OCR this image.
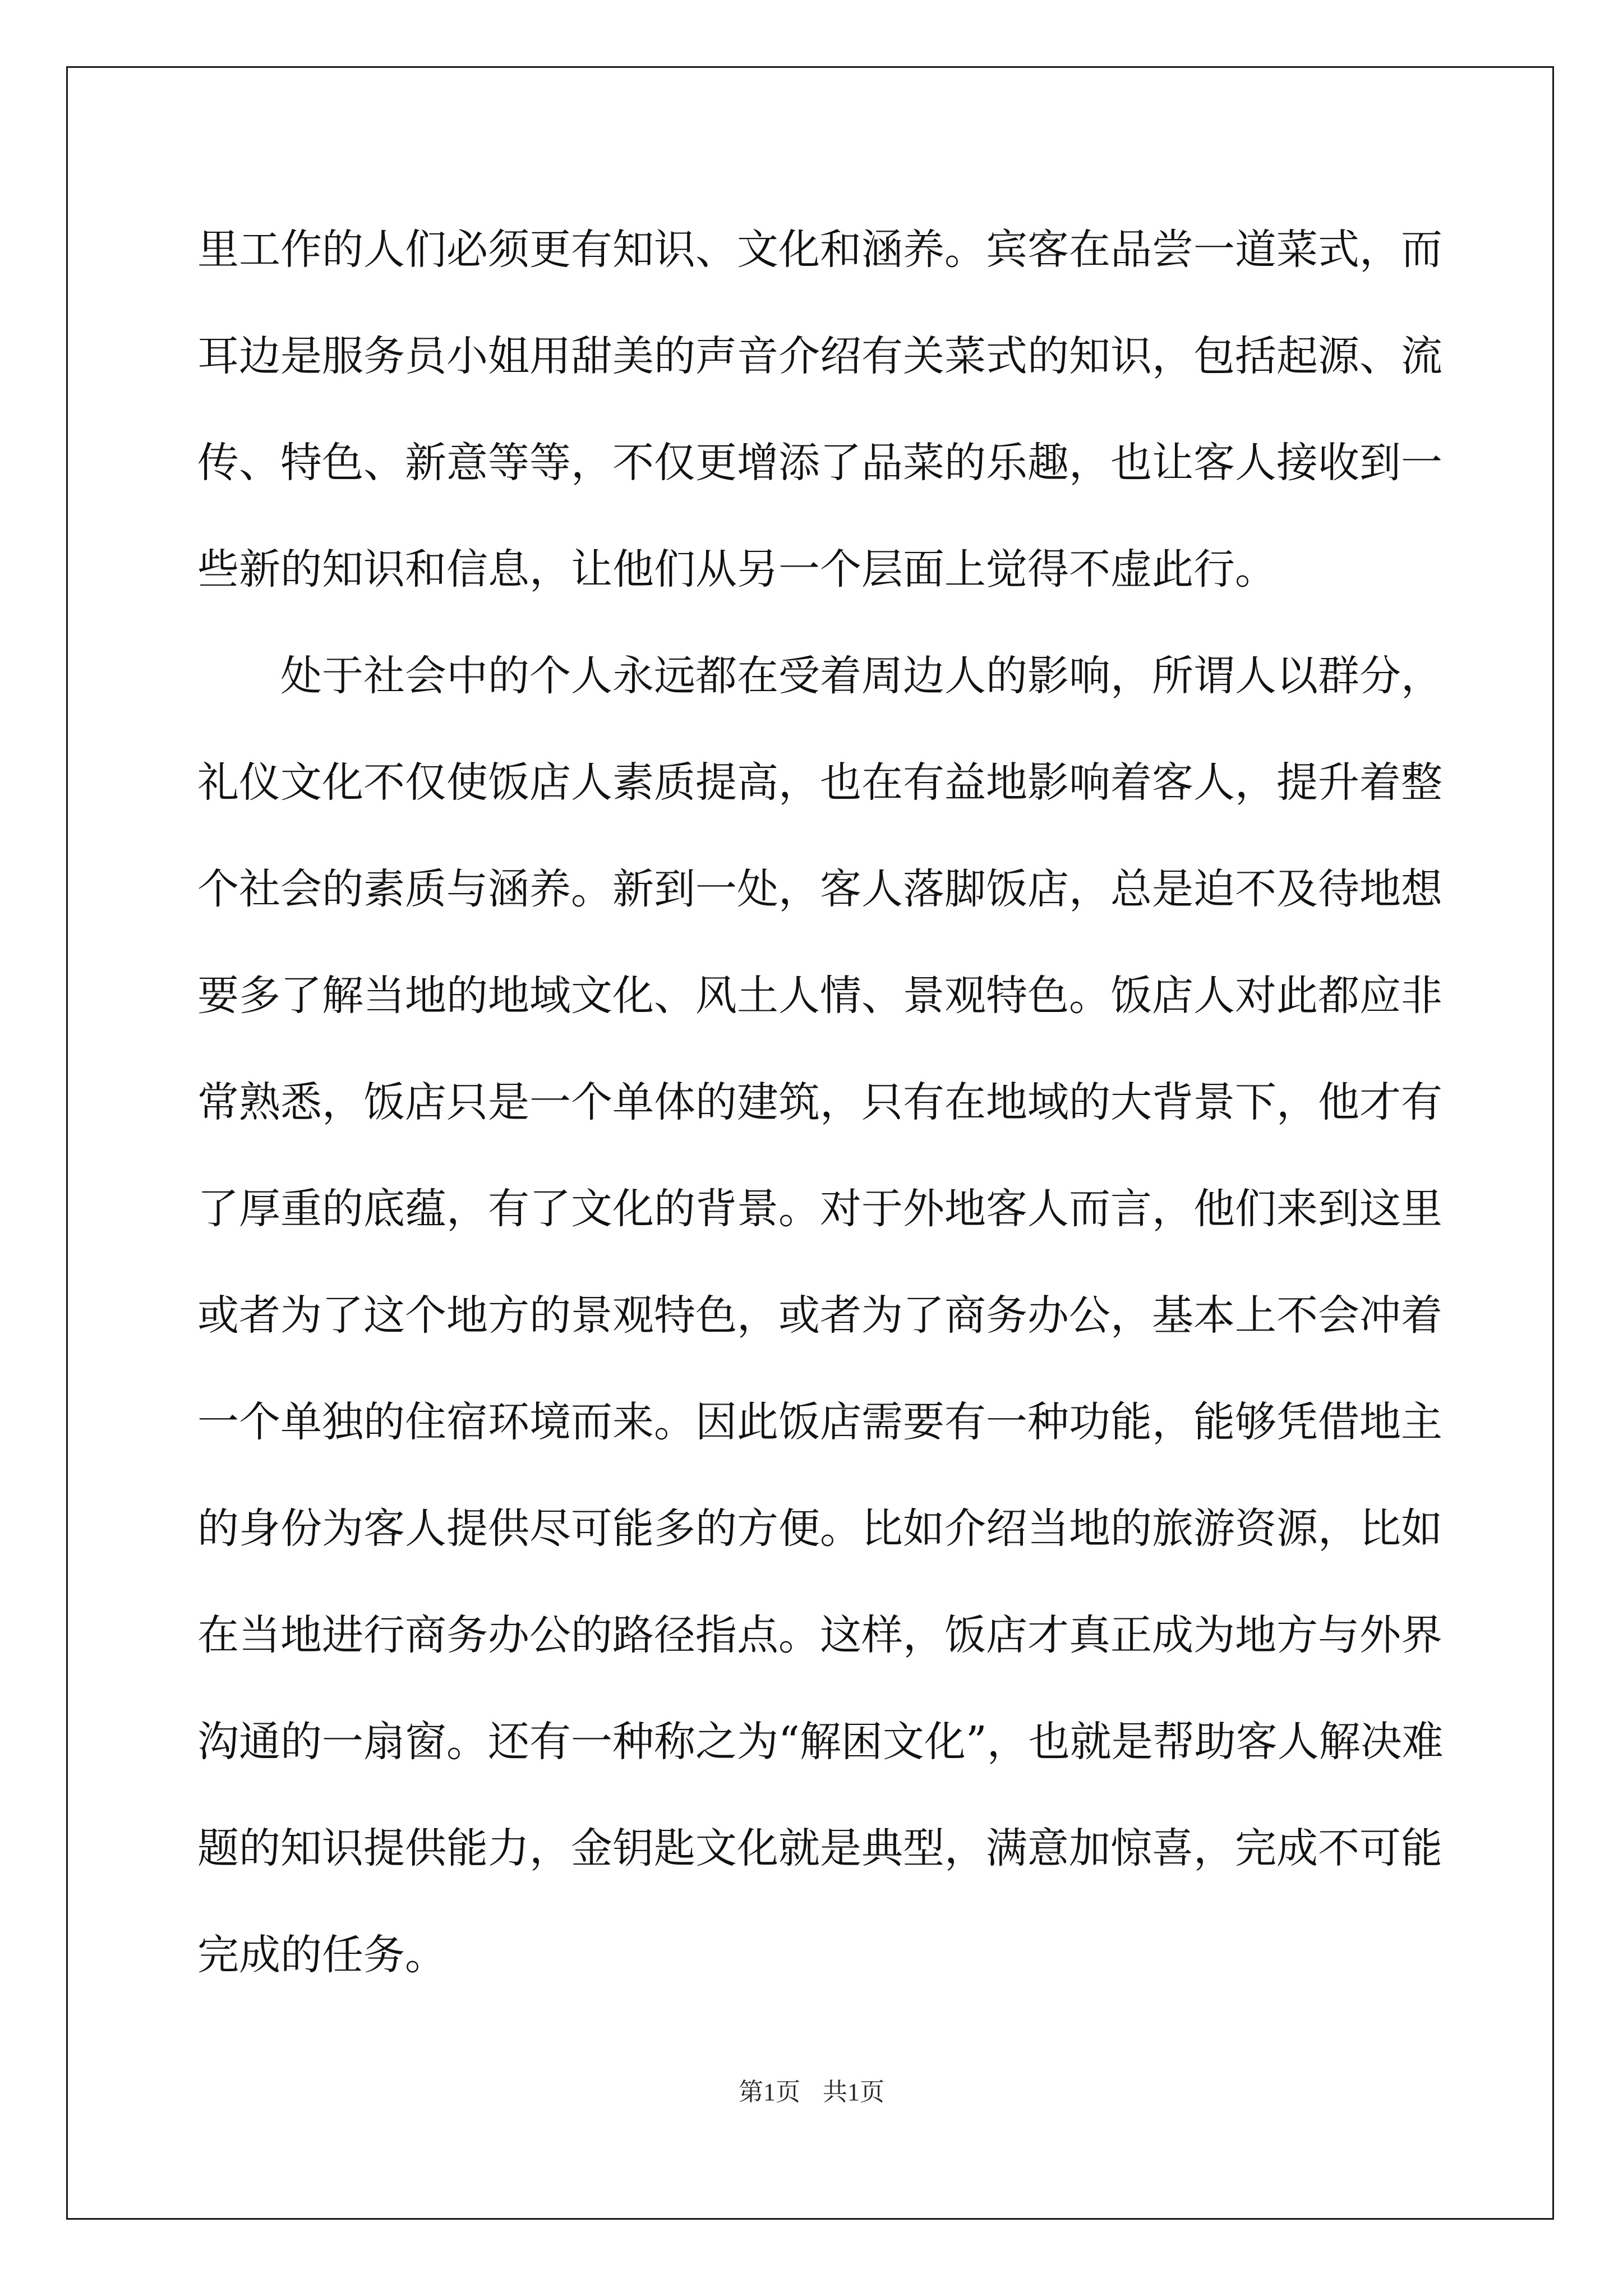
里 工 作 的 人 们 必 须 更 有 知 识 、 文 化 和 涵 养 。 宾 客 在 品 尝 一 道 菜 式 ， 而
耳 边 是 服 务 员 小 姐 用 甜 美 的 声 音 介 绍 有 关 菜 式 的 知 识 ， 包 括 起 源 、 流
传 、 特 色 、 新 意 等 等 ， 不 仅 更 增 添 了 品 菜 的 乐 趣 ， 也 让 客 人 接 收 到 一
些新的知识和信息，让他们从另一个层面上觉得不虚此行。
处 于 社 会 中 的 个 人 永 远 都 在 受 着 周 边 人 的 影 响 ， 所 谓 人 以 群 分 ，
礼 仪 文 化 不 仅 使 饭 店 人 素 质 提 高 ， 也 在 有 益 地 影 响 着 客 人 ， 提 升 着 整
个 社 会 的 素 质 与 涵 养 。 新 到 一 处 ， 客 人 落 脚 饭 店 ， 总 是 迫 不 及 待 地 想
要 多 了 解 当 地 的 地 域 文 化 、 风 土 人 情 、 景 观 特 色 。 饭 店 人 对 此 都 应 非
常 熟 悉 ， 饭 店 只 是 一 个 单 体 的 建 筑 ， 只 有 在 地 域 的 大 背 景 下 ， 他 才 有
了 厚 重 的 底 蕴 ， 有 了 文 化 的 背 景 。 对 于 外 地 客 人 而 言 ， 他 们 来 到 这 里
或 者 为 了 这 个 地 方 的 景 观 特 色 ， 或 者 为 了 商 务 办 公 ， 基 本 上 不 会 冲 着
一 个 单 独 的 住 宿 环 境 而 来 。 因 此 饭 店 需 要 有 一 种 功 能 ， 能 够 凭 借 地 主
的 身 份 为 客 人 提 供 尽 可 能 多 的 方 便 。 比 如 介 绍 当 地 的 旅 游 资 源 ， 比 如
在 当 地 进 行 商 务 办 公 的 路 径 指 点 。 这 样 ， 饭 店 才 真 正 成 为 地 方 与 外 界
沟 通 的 一 扇 窗 。 还 有 一 种 称 之 为 “ 解 困 文 化 ” ， 也 就 是 帮 助 客 人 解 决 难
题 的 知 识 提 供 能 力 ， 金 钥 匙 文 化 就 是 典 型 ， 满 意 加 惊 喜 ， 完 成 不 可 能
完成的任务。
第1页 共1页
